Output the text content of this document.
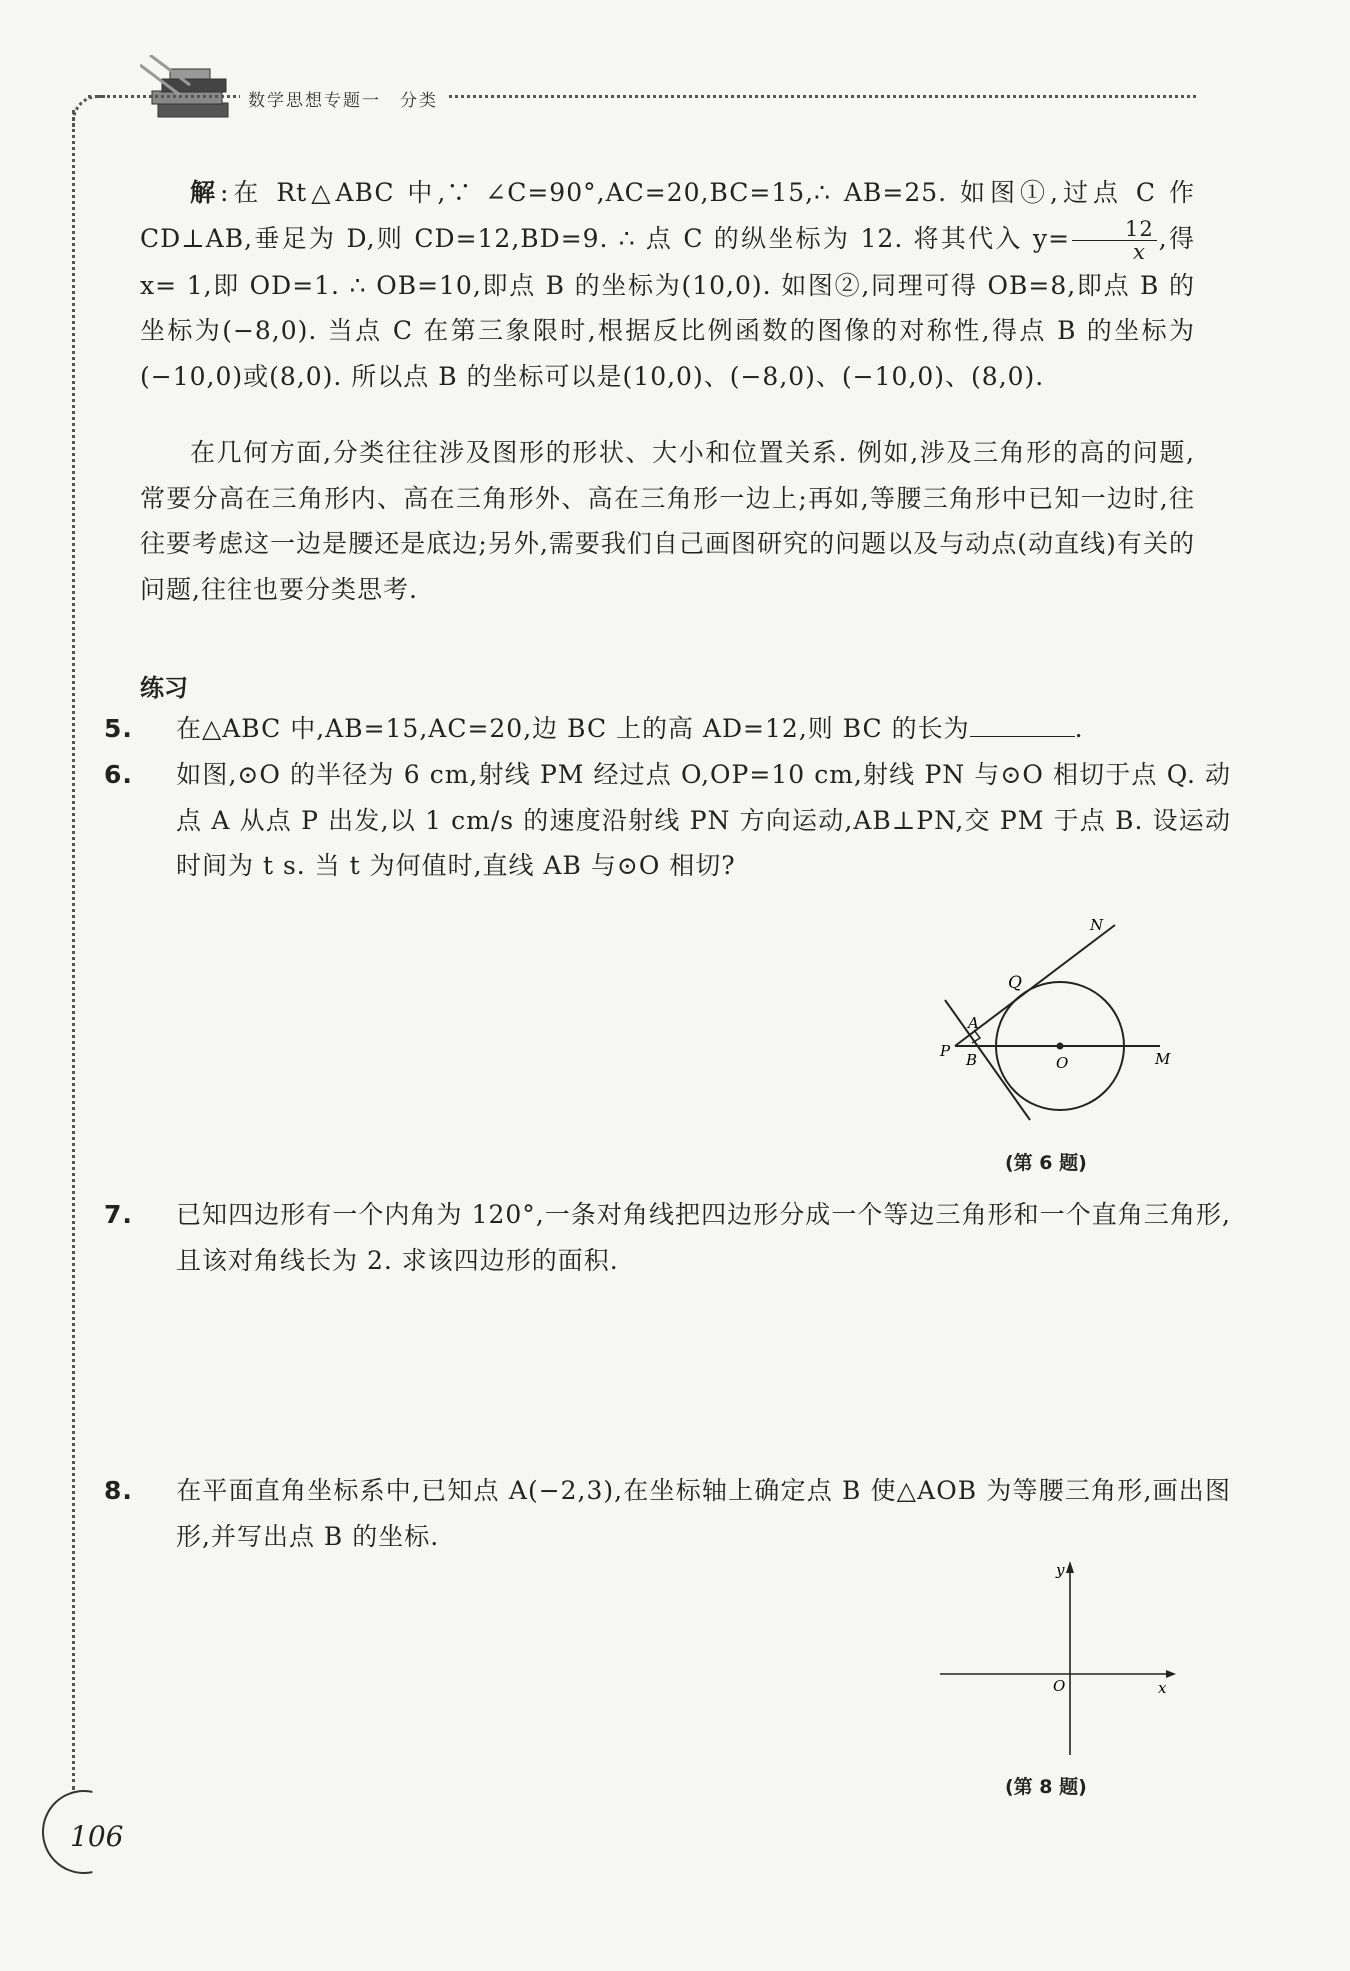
数学思想专题一　分类
解:在 Rt△ABC 中,∵ ∠C=90°,AC=20,BC=15,∴ AB=25. 如图①,过点 C 作 CD⊥AB,垂足为 D,则 CD=12,BD=9. ∴ 点 C 的纵坐标为 12. 将其代入 $y= \frac{12}{x}$ ,得 x= 1,即 OD=1. ∴ OB=10,即点 B 的坐标为(10,0). 如图②,同理可得 OB=8,即点 B 的坐标为(−8,0). 当点 C 在第三象限时,根据反比例函数的图像的对称性,得点 B 的坐标为(−10,0)或(8,0). 所以点 B 的坐标可以是(10,0)、(−8,0)、(−10,0)、(8,0).
在几何方面,分类往往涉及图形的形状、大小和位置关系. 例如,涉及三角形的高的问题,常要分高在三角形内、高在三角形外、高在三角形一边上;再如,等腰三角形中已知一边时,往往要考虑这一边是腰还是底边;另外,需要我们自己画图研究的问题以及与动点(动直线)有关的问题,往往也要分类思考.
练习
5. 在△ABC 中,AB=15,AC=20,边 BC 上的高 AD=12,则 BC 的长为	.
6. 如图,⊙O 的半径为 6 cm,射线 PM 经过点 O,OP=10 cm,射线 PN 与⊙O 相切于点 Q. 动点 A 从点 P 出发,以 1 cm/s 的速度沿射线 PN 方向运动,AB⊥PN,交 PM 于点 B. 设运动时间为 t s. 当 t 为何值时,直线 AB 与⊙O 相切?
N
Q
A
P B	O	M
(第 6 题)
7. 已知四边形有一个内角为 120°,一条对角线把四边形分成一个等边三角形和一个直角三角形,且该对角线长为 2. 求该四边形的面积.
8. 在平面直角坐标系中,已知点 A(−2,3),在坐标轴上确定点 B 使△AOB 为等腰三角形,画出图形,并写出点 B 的坐标.
y
O	x
(第 8 题)
106
